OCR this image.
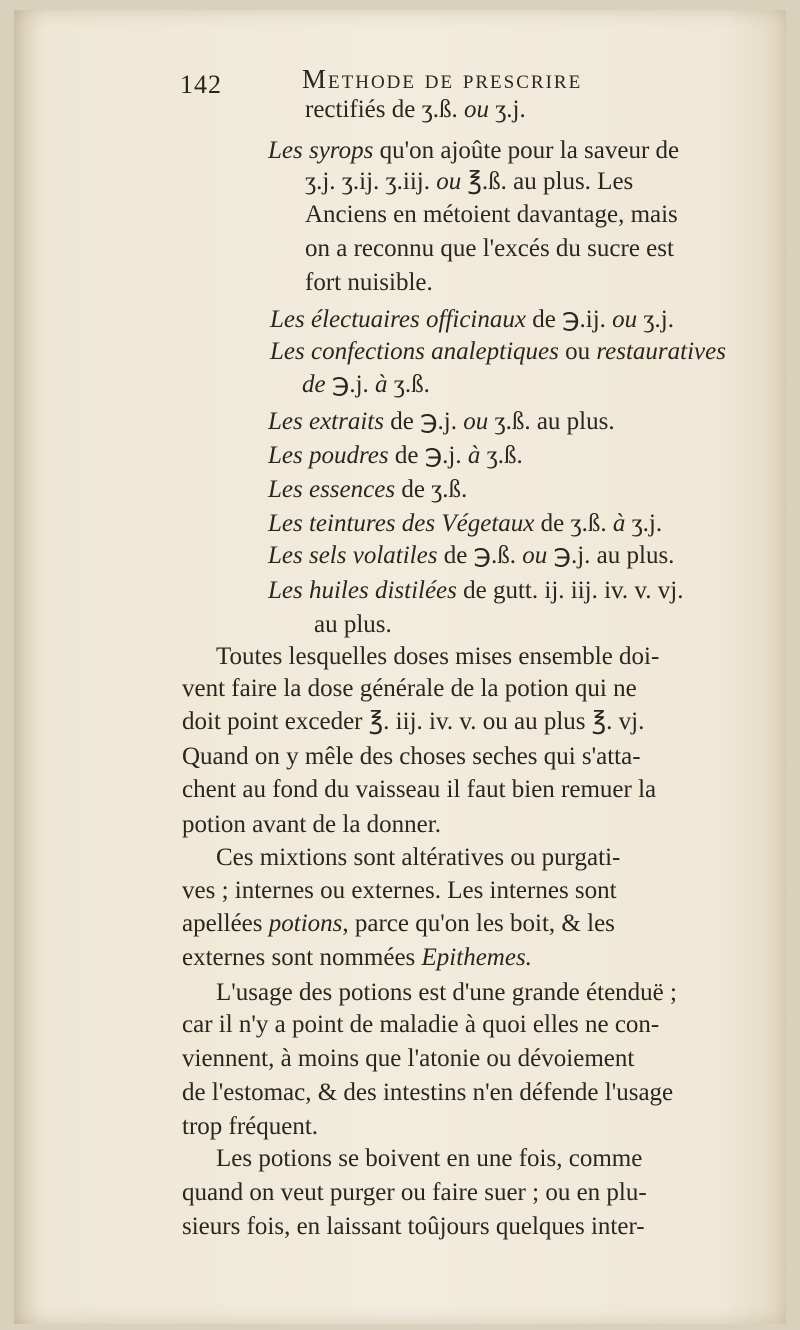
142	Methode de prescrire
rectifiés de ʒ.ß. ou ʒ.j.
Les syrops qu'on ajoûte pour la saveur de
ʒ.j. ʒ.ij. ʒ.iij. ou ℥.ß. au plus. Les
Anciens en métoient davantage, mais
on a reconnu que l'excés du sucre est
fort nuisible.
Les électuaires officinaux de ℈.ij. ou ʒ.j.
Les confections analeptiques ou restauratives
de ℈.j. à ʒ.ß.
Les extraits de ℈.j. ou ʒ.ß. au plus.
Les poudres de ℈.j. à ʒ.ß.
Les essences de ʒ.ß.
Les teintures des Végetaux de ʒ.ß. à ʒ.j.
Les sels volatiles de ℈.ß. ou ℈.j. au plus.
Les huiles distilées de gutt. ij. iij. iv. v. vj.
au plus.
Toutes lesquelles doses mises ensemble doi-
vent faire la dose générale de la potion qui ne
doit point exceder ℥. iij. iv. v. ou au plus ℥. vj.
Quand on y mêle des choses seches qui s'atta-
chent au fond du vaisseau il faut bien remuer la
potion avant de la donner.
Ces mixtions sont altératives ou purgati-
ves ; internes ou externes. Les internes sont
apellées potions, parce qu'on les boit, & les
externes sont nommées Epithemes.
L'usage des potions est d'une grande étenduë ;
car il n'y a point de maladie à quoi elles ne con-
viennent, à moins que l'atonie ou dévoiement
de l'estomac, & des intestins n'en défende l'usage
trop fréquent.
Les potions se boivent en une fois, comme
quand on veut purger ou faire suer ; ou en plu-
sieurs fois, en laissant toûjours quelques inter-
